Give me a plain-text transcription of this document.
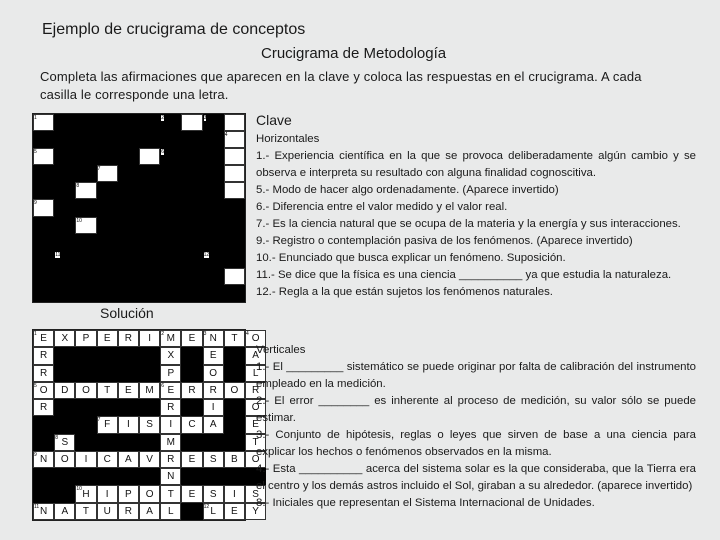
Ejemplo de crucigrama de conceptos
Crucigrama de Metodología
Completa las afirmaciones que aparecen en la clave y coloca las respuestas en el crucigrama. A cada casilla le corresponde una letra.
1	2	3
4
5	6
7
8
9
10
11	12
Solución
E	X	P	E	R	I	M	E	N	T	O
R	X	E	A
R	P	O	L
O	D	O	T	E	M	E	R	R	O	R
R	R	I	O
F	I	S	I	C	A	E
S	M	T
N	O	I	C	A	V	R	E	S	B	O
N
H	I	P	O	T	E	S	I	S
N	A	T	U	R	A	L	L	E	Y
1	2	3	4
5	6
7
8
9
10
11	12
Clave
Horizontales
1.- Experiencia científica en la que se provoca deliberadamente algún cambio y se observa e interpreta su resultado con alguna finalidad cognoscitiva.
5.- Modo de hacer algo ordenadamente. (Aparece invertido)
6.- Diferencia entre el valor medido y el valor real.
7.- Es la ciencia natural que se ocupa de la materia y la energía y sus interacciones.
9.- Registro o contemplación pasiva de los fenómenos. (Aparece invertido)
10.- Enunciado que busca explicar un fenómeno. Suposición.
11.- Se dice que la física es una ciencia __________ ya que estudia la naturaleza.
12.- Regla a la que están sujetos los fenómenos naturales.
Verticales
1.- El _________ sistemático se puede originar por falta de calibración del instrumento empleado en la medición.
2.- El error ________ es inherente al proceso de medición, su valor sólo se puede estimar.
3.- Conjunto de hipótesis, reglas o leyes que sirven de base a una ciencia para explicar los hechos o fenómenos observados en la misma.
4.- Esta __________ acerca del sistema solar es la que consideraba, que la Tierra era el centro y los demás astros incluido el Sol, giraban a su alrededor. (aparece invertido)
8.- Iniciales que representan el Sistema Internacional de Unidades.
